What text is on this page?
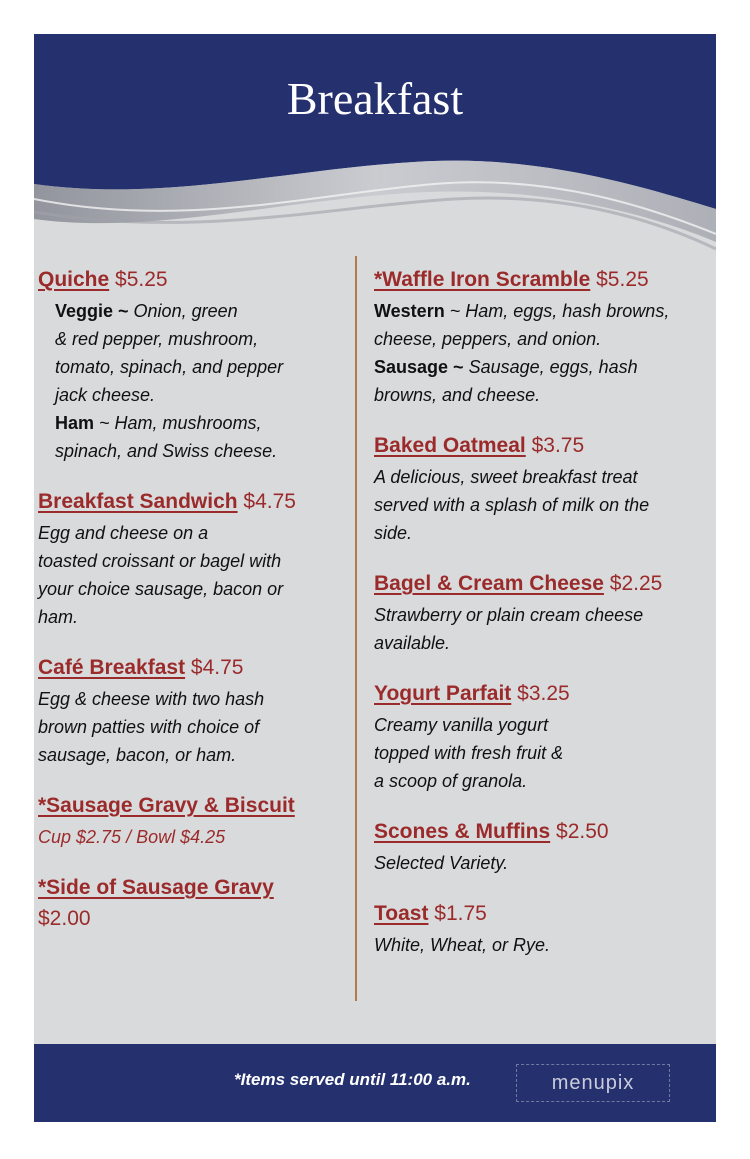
Breakfast
Quiche $5.25
Veggie ~ Onion, green
& red pepper, mushroom,
tomato, spinach, and pepper
jack cheese.
Ham ~ Ham, mushrooms,
spinach, and Swiss cheese.
Breakfast Sandwich $4.75
Egg and cheese on a
toasted croissant or bagel with
your choice sausage, bacon or
ham.
Café Breakfast $4.75
Egg & cheese with two hash
brown patties with choice of
sausage, bacon, or ham.
*Sausage Gravy & Biscuit
Cup $2.75 / Bowl $4.25
*Side of Sausage Gravy
$2.00
*Waffle Iron Scramble $5.25
Western ~ Ham, eggs, hash browns,
cheese, peppers, and onion.
Sausage ~ Sausage, eggs, hash
browns, and cheese.
Baked Oatmeal $3.75
A delicious, sweet breakfast treat
served with a splash of milk on the
side.
Bagel & Cream Cheese $2.25
Strawberry or plain cream cheese
available.
Yogurt Parfait $3.25
Creamy vanilla yogurt
topped with fresh fruit &
a scoop of granola.
Scones & Muffins $2.50
Selected Variety.
Toast $1.75
White, Wheat, or Rye.
*Items served until 11:00 a.m.	menupix
